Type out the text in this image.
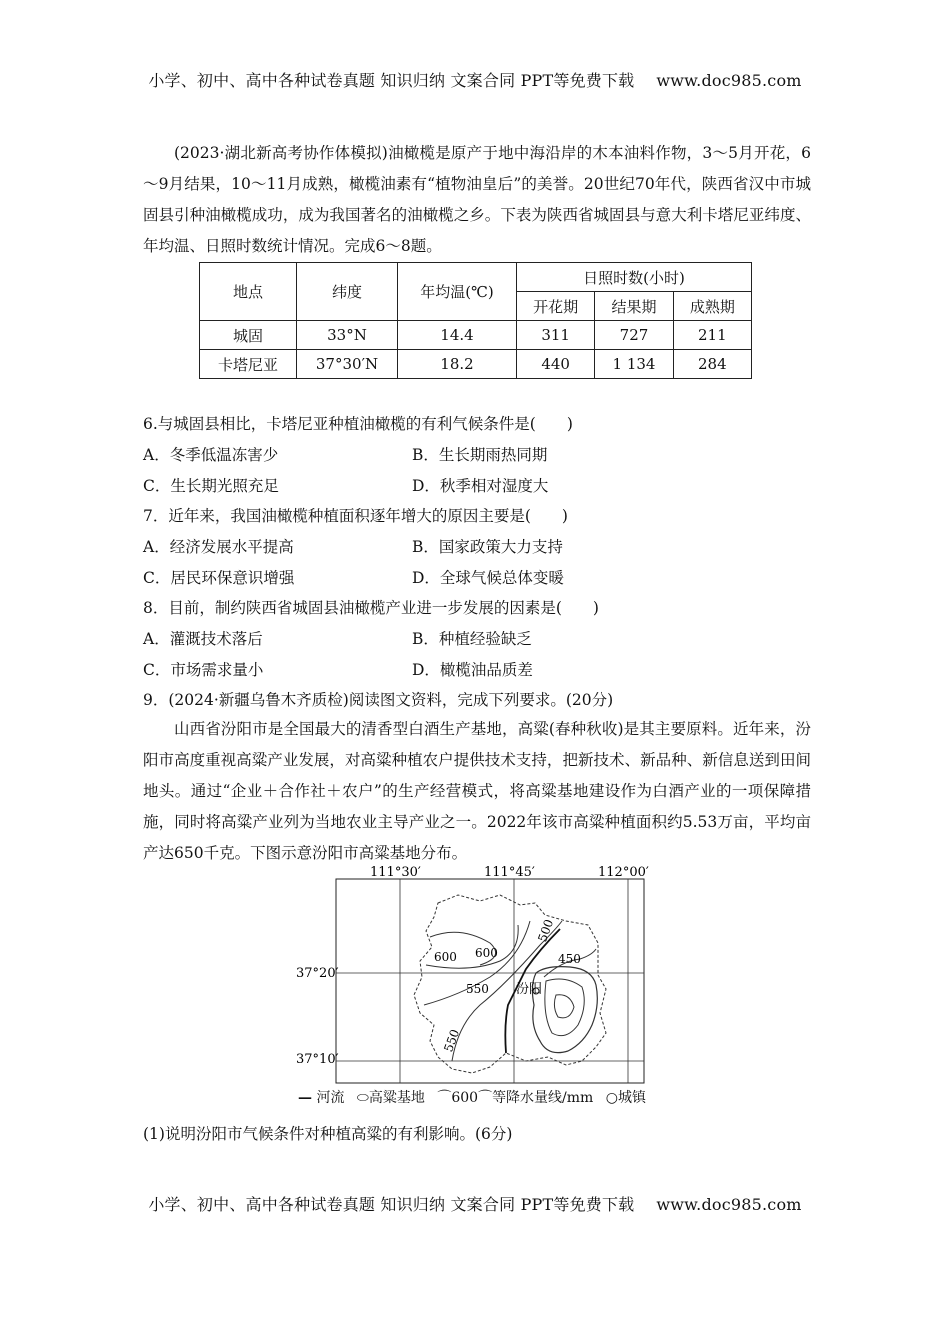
小学、初中、高中各种试卷真题 知识归纳 文案合同 PPT等免费下载 www.doc985.com

(2023·湖北新高考协作体模拟)油橄榄是原产于地中海沿岸的木本油料作物，3～5月开花，6～9月结果，10～11月成熟，橄榄油素有“植物油皇后”的美誉。20世纪70年代，陕西省汉中市城固县引种油橄榄成功，成为我国著名的油橄榄之乡。下表为陕西省城固县与意大利卡塔尼亚纬度、年均温、日照时数统计情况。完成6～8题。

地点	纬度	年均温(℃)	日照时数(小时)		
			开花期	结果期	成熟期
城固	33°N	14.4	311	727	211
卡塔尼亚	37°30′N	18.2	440	1 134	284
6.与城固县相比，卡塔尼亚种植油橄榄的有利气候条件是(　　)
A．冬季低温冻害少	B．生长期雨热同期
C．生长期光照充足	D．秋季相对湿度大
7．近年来，我国油橄榄种植面积逐年增大的原因主要是(　　)
A．经济发展水平提高	B．国家政策大力支持
C．居民环保意识增强	D．全球气候总体变暖
8．目前，制约陕西省城固县油橄榄产业进一步发展的因素是(　　)
A．灌溉技术落后	B．种植经验缺乏
C．市场需求量小	D．橄榄油品质差
9．(2024·新疆乌鲁木齐质检)阅读图文资料，完成下列要求。(20分)

山西省汾阳市是全国最大的清香型白酒生产基地，高粱(春种秋收)是其主要原料。近年来，汾阳市高度重视高粱产业发展，对高粱种植农户提供技术支持，把新技术、新品种、新信息送到田间地头。通过“企业＋合作社＋农户”的生产经营模式，将高粱基地建设作为白酒产业的一项保障措施，同时将高粱产业列为当地农业主导产业之一。2022年该市高粱种植面积约5.53万亩，平均亩产达650千克。下图示意汾阳市高粱基地分布。

111°30′	111°45′	112°00′
37°20′
37°10′
600 600
550
550
500
450
汾阳
— 河流 ⬭高粱基地 ⌒600⌒等降水量线/mm ○城镇
(1)说明汾阳市气候条件对种植高粱的有利影响。(6分)
小学、初中、高中各种试卷真题 知识归纳 文案合同 PPT等免费下载 www.doc985.com
